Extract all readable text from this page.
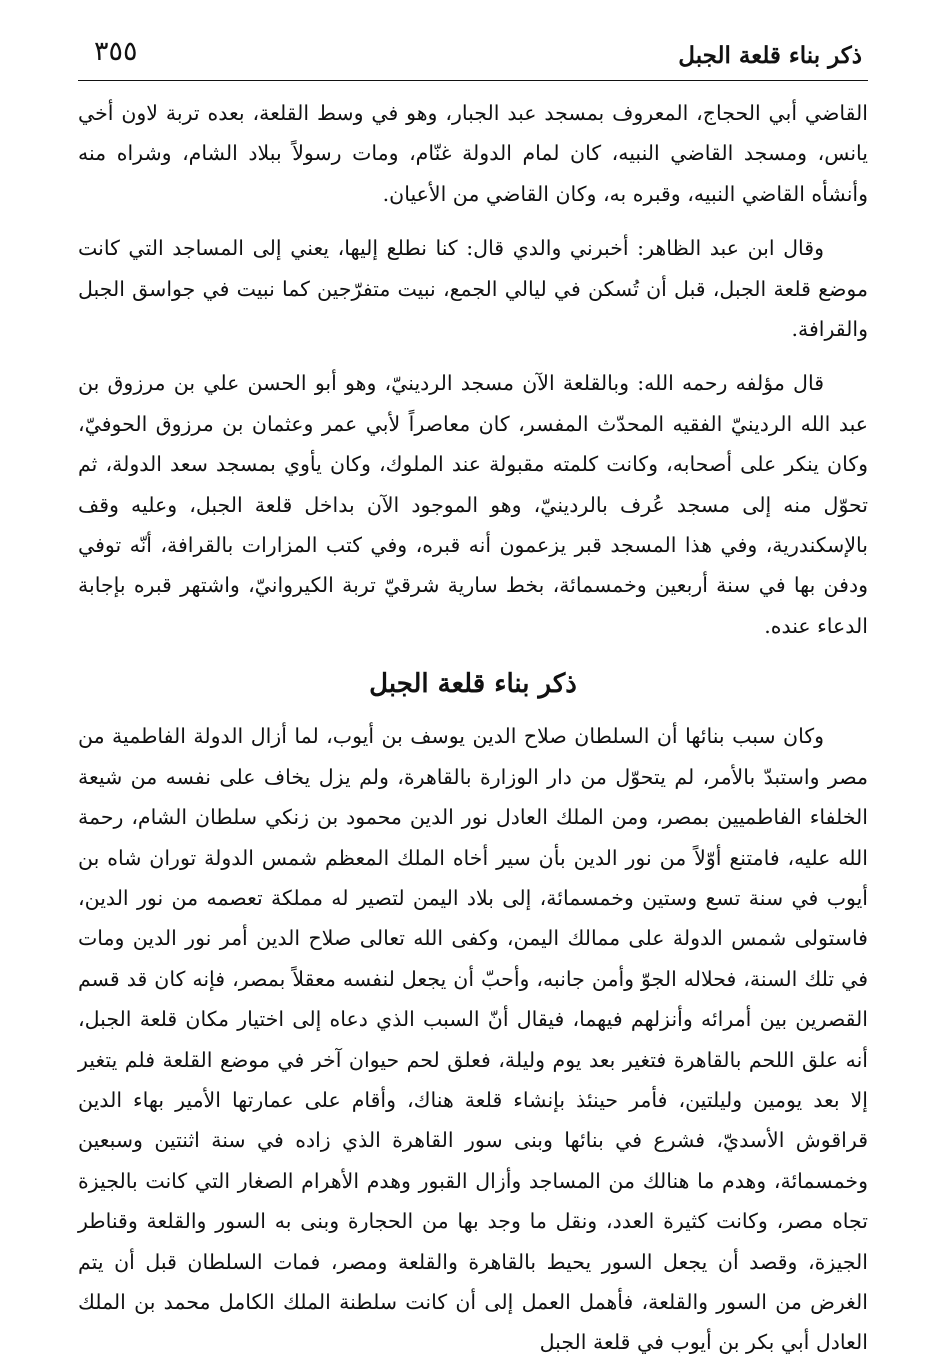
٣٥٥	ذكر بناء قلعة الجبل

القاضي أبي الحجاج، المعروف بمسجد عبد الجبار، وهو في وسط القلعة، بعده تربة لاون أخي يانس، ومسجد القاضي النبيه، كان لمام الدولة غنّام، ومات رسولاً ببلاد الشام، وشراه منه وأنشأه القاضي النبيه، وقبره به، وكان القاضي من الأعيان.

وقال ابن عبد الظاهر: أخبرني والدي قال: كنا نطلع إليها، يعني إلى المساجد التي كانت موضع قلعة الجبل، قبل أن تُسكن في ليالي الجمع، نبيت متفرّجين كما نبيت في جواسق الجبل والقرافة.

قال مؤلفه رحمه الله: وبالقلعة الآن مسجد الردينيّ، وهو أبو الحسن علي بن مرزوق بن عبد الله الردينيّ الفقيه المحدّث المفسر، كان معاصراً لأبي عمر وعثمان بن مرزوق الحوفيّ، وكان ينكر على أصحابه، وكانت كلمته مقبولة عند الملوك، وكان يأوي بمسجد سعد الدولة، ثم تحوّل منه إلى مسجد عُرف بالردينيّ، وهو الموجود الآن بداخل قلعة الجبل، وعليه وقف بالإسكندرية، وفي هذا المسجد قبر يزعمون أنه قبره، وفي كتب المزارات بالقرافة، أنّه توفي ودفن بها في سنة أربعين وخمسمائة، بخط سارية شرقيّ تربة الكيروانيّ، واشتهر قبره بإجابة الدعاء عنده.

ذكر بناء قلعة الجبل

وكان سبب بنائها أن السلطان صلاح الدين يوسف بن أيوب، لما أزال الدولة الفاطمية من مصر واستبدّ بالأمر، لم يتحوّل من دار الوزارة بالقاهرة، ولم يزل يخاف على نفسه من شيعة الخلفاء الفاطميين بمصر، ومن الملك العادل نور الدين محمود بن زنكي سلطان الشام، رحمة الله عليه، فامتنع أوّلاً من نور الدين بأن سير أخاه الملك المعظم شمس الدولة توران شاه بن أيوب في سنة تسع وستين وخمسمائة، إلى بلاد اليمن لتصير له مملكة تعصمه من نور الدين، فاستولى شمس الدولة على ممالك اليمن، وكفى الله تعالى صلاح الدين أمر نور الدين ومات في تلك السنة، فحلاله الجوّ وأمن جانبه، وأحبّ أن يجعل لنفسه معقلاً بمصر، فإنه كان قد قسم القصرين بين أمرائه وأنزلهم فيهما، فيقال أنّ السبب الذي دعاه إلى اختيار مكان قلعة الجبل، أنه علق اللحم بالقاهرة فتغير بعد يوم وليلة، فعلق لحم حيوان آخر في موضع القلعة فلم يتغير إلا بعد يومين وليلتين، فأمر حينئذ بإنشاء قلعة هناك، وأقام على عمارتها الأمير بهاء الدين قراقوش الأسديّ، فشرع في بنائها وبنى سور القاهرة الذي زاده في سنة اثنتين وسبعين وخمسمائة، وهدم ما هنالك من المساجد وأزال القبور وهدم الأهرام الصغار التي كانت بالجيزة تجاه مصر، وكانت كثيرة العدد، ونقل ما وجد بها من الحجارة وبنى به السور والقلعة وقناطر الجيزة، وقصد أن يجعل السور يحيط بالقاهرة والقلعة ومصر، فمات السلطان قبل أن يتم الغرض من السور والقلعة، فأهمل العمل إلى أن كانت سلطنة الملك الكامل محمد بن الملك العادل أبي بكر بن أيوب في قلعة الجبل
